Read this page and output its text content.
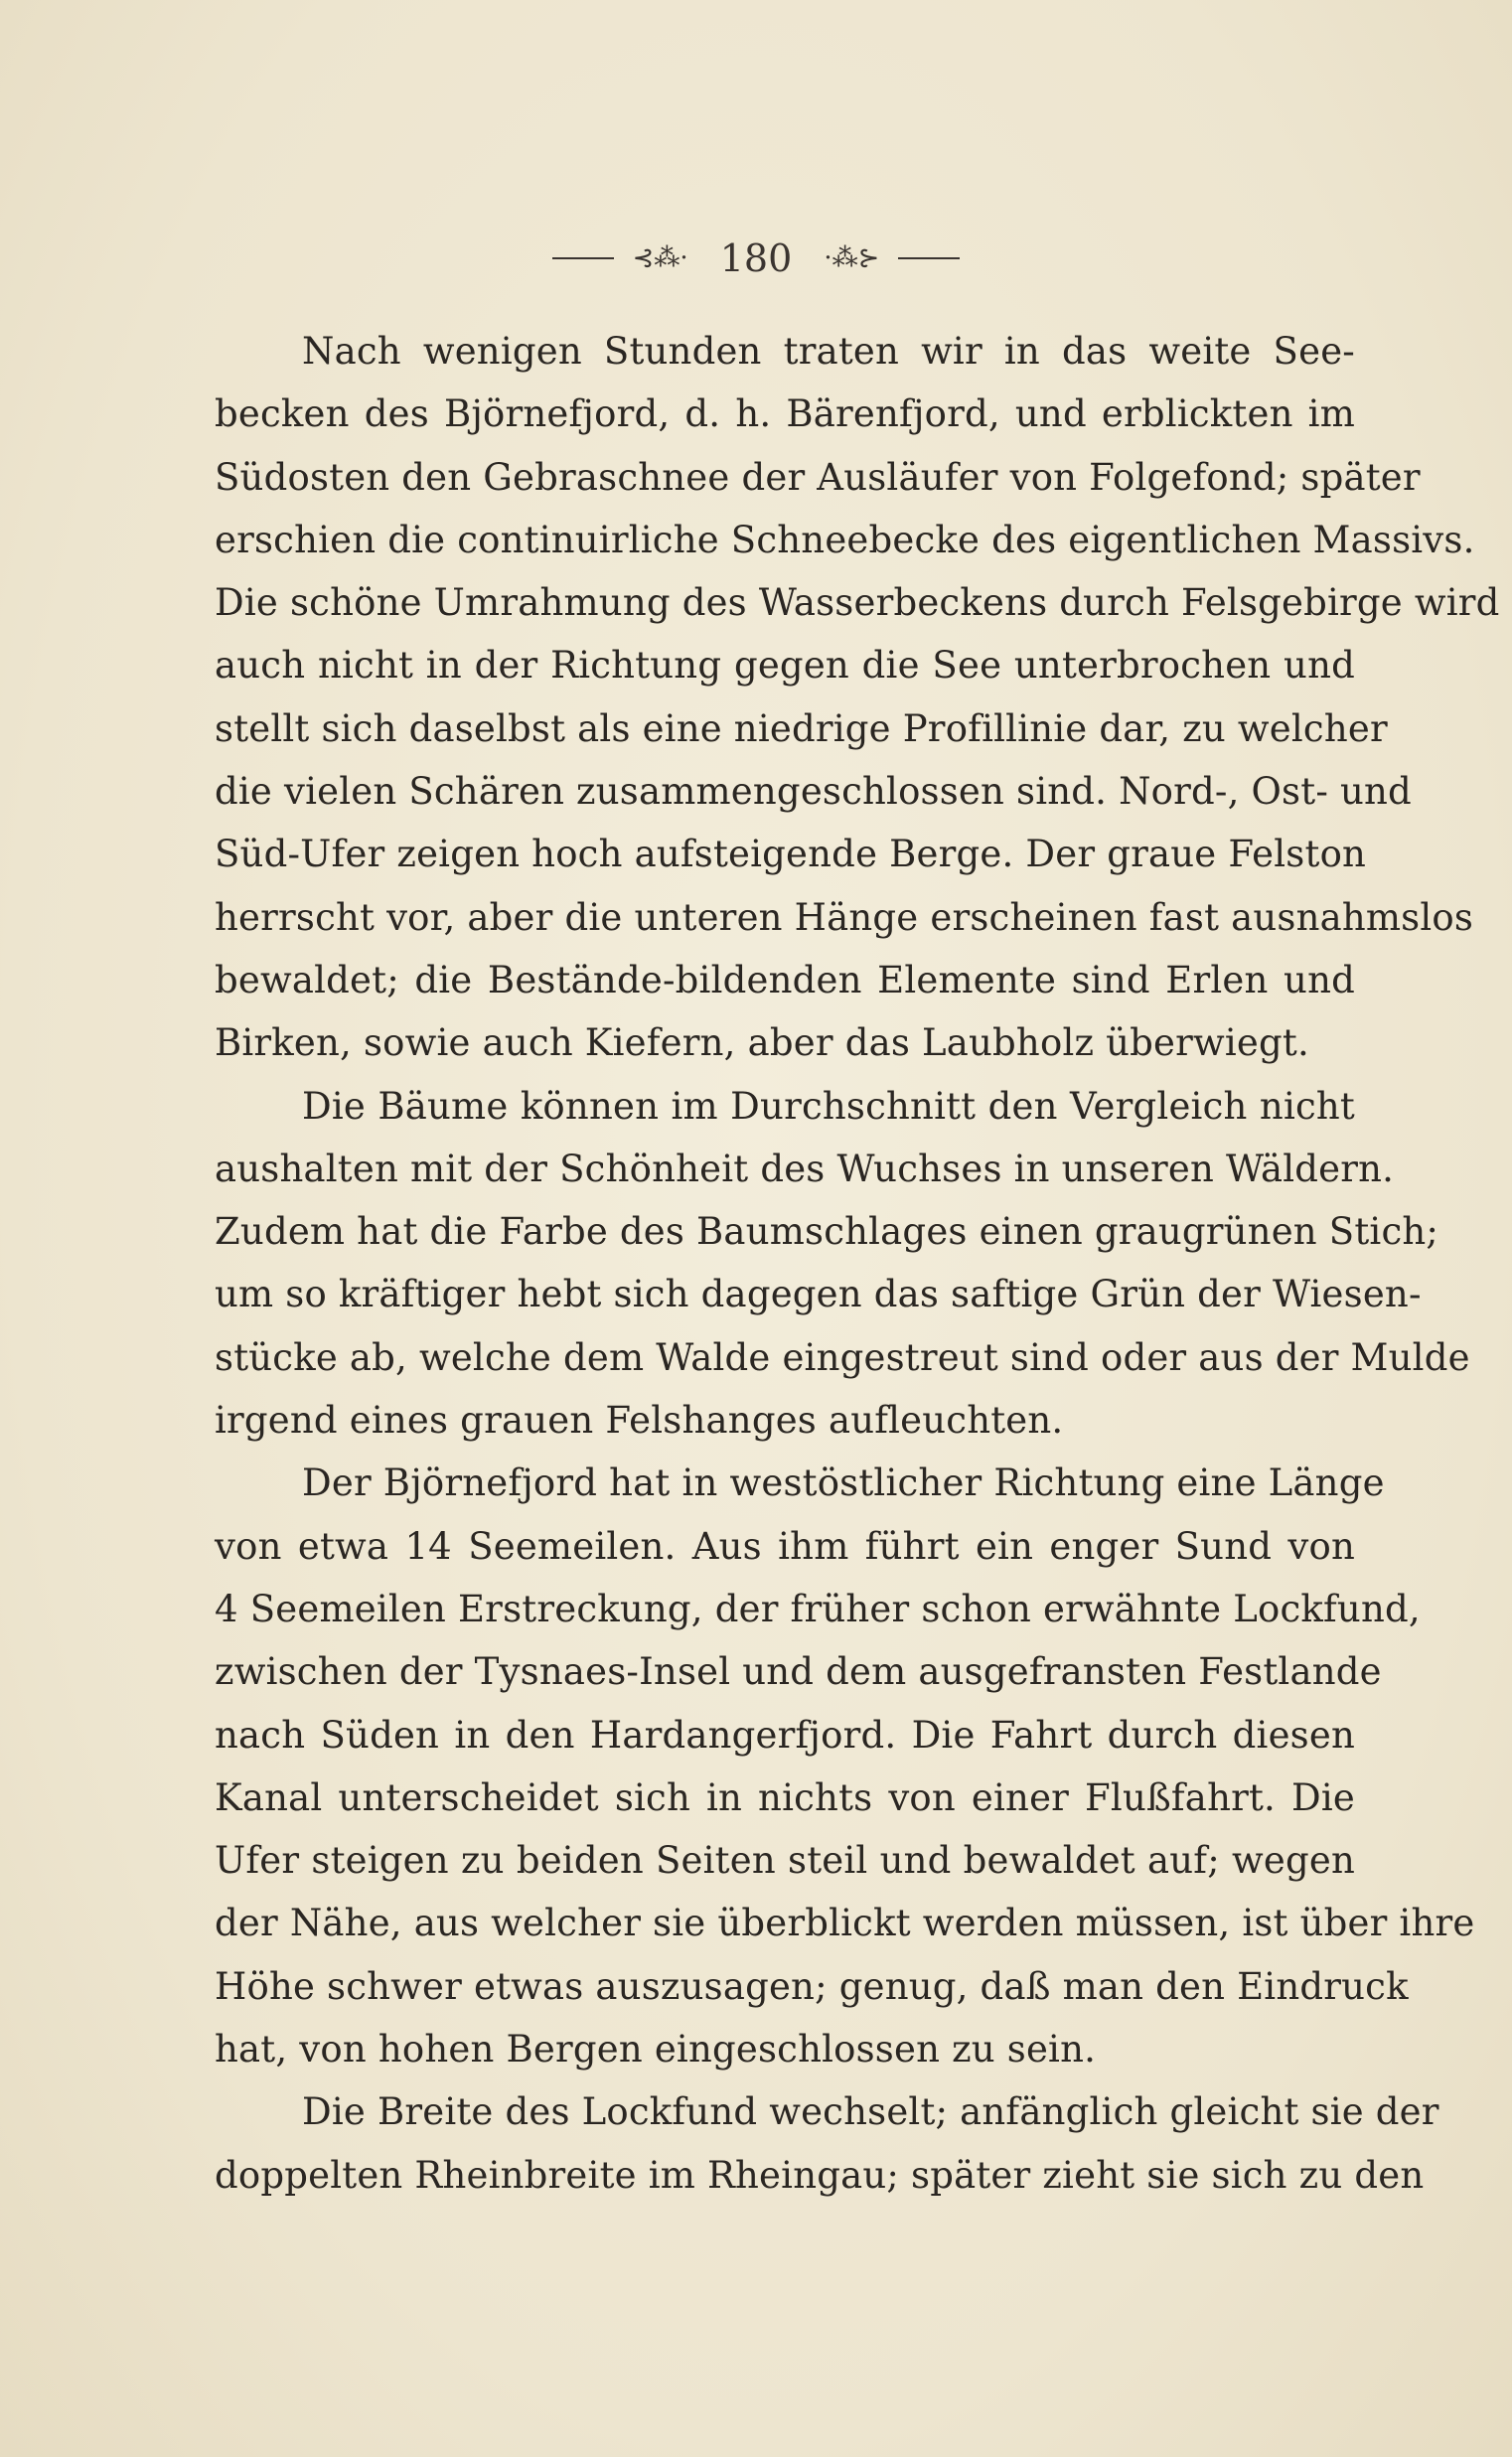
⊰⁂· 180 ·⁂⊱
Nach wenigen Stunden traten wir in das weite See-
becken des Björnefjord, d. h. Bärenfjord, und erblickten im
Südosten den Gebraschnee der Ausläufer von Folgefond; später
erschien die continuirliche Schneebecke des eigentlichen Massivs.
Die schöne Umrahmung des Wasserbeckens durch Felsgebirge wird
auch nicht in der Richtung gegen die See unterbrochen und
stellt sich daselbst als eine niedrige Profillinie dar, zu welcher
die vielen Schären zusammengeschlossen sind. Nord-, Ost- und
Süd-Ufer zeigen hoch aufsteigende Berge. Der graue Felston
herrscht vor, aber die unteren Hänge erscheinen fast ausnahmslos
bewaldet; die Bestände-bildenden Elemente sind Erlen und
Birken, sowie auch Kiefern, aber das Laubholz überwiegt.
Die Bäume können im Durchschnitt den Vergleich nicht
aushalten mit der Schönheit des Wuchses in unseren Wäldern.
Zudem hat die Farbe des Baumschlages einen graugrünen Stich;
um so kräftiger hebt sich dagegen das saftige Grün der Wiesen-
stücke ab, welche dem Walde eingestreut sind oder aus der Mulde
irgend eines grauen Felshanges aufleuchten.
Der Björnefjord hat in westöstlicher Richtung eine Länge
von etwa 14 Seemeilen. Aus ihm führt ein enger Sund von
4 Seemeilen Erstreckung, der früher schon erwähnte Lockfund,
zwischen der Tysnaes-Insel und dem ausgefransten Festlande
nach Süden in den Hardangerfjord. Die Fahrt durch diesen
Kanal unterscheidet sich in nichts von einer Flußfahrt. Die
Ufer steigen zu beiden Seiten steil und bewaldet auf; wegen
der Nähe, aus welcher sie überblickt werden müssen, ist über ihre
Höhe schwer etwas auszusagen; genug, daß man den Eindruck
hat, von hohen Bergen eingeschlossen zu sein.
Die Breite des Lockfund wechselt; anfänglich gleicht sie der
doppelten Rheinbreite im Rheingau; später zieht sie sich zu den
